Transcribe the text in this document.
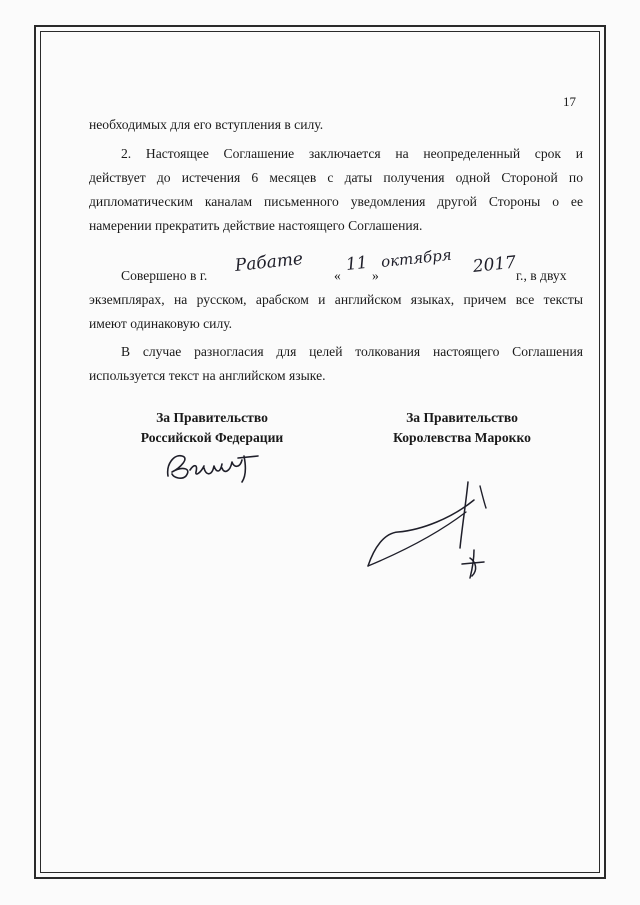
17
необходимых для его вступления в силу.
2. Настоящее Соглашение заключается на неопределенный срок и
действует до истечения 6 месяцев с даты получения одной Стороной по
дипломатическим каналам письменного уведомления другой Стороны о ее
намерении прекратить действие настоящего Соглашения.
Совершено в г. Рабате «
11
»
октября 2017
г., в двух
экземплярах, на русском, арабском и английском языках, причем все тексты
имеют одинаковую силу.
В случае разногласия для целей толкования настоящего Соглашения
используется текст на английском языке.
За Правительство
Российской Федерации
За Правительство
Королевства Марокко
